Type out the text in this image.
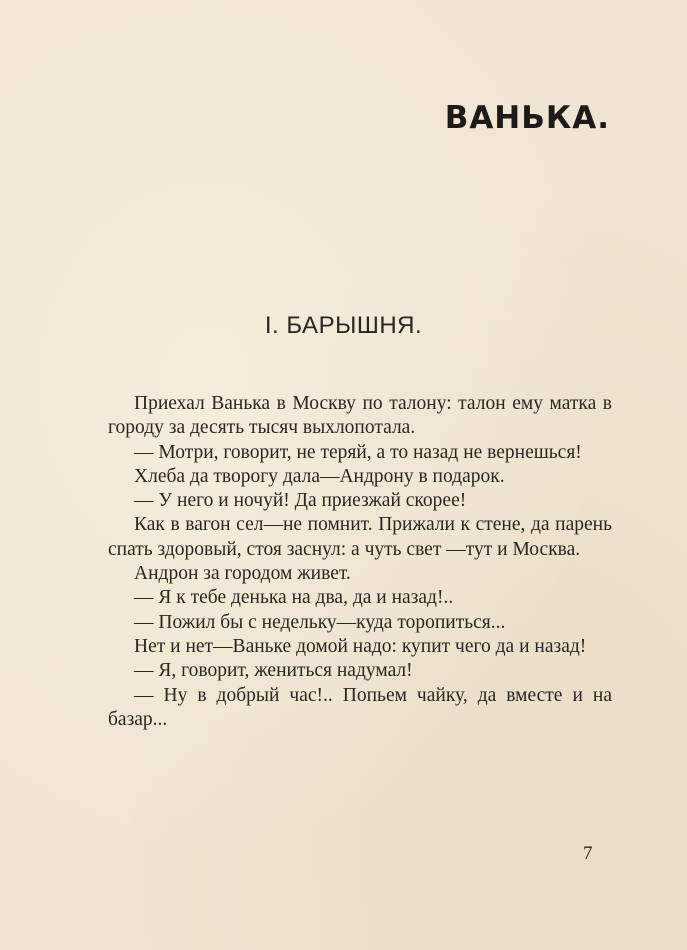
ВАНЬКА.
I. БАРЫШНЯ.

Приехал Ванька в Москву по талону: талон ему матка в городу за десять тысяч выхлопотала.

— Мотри, говорит, не теряй, а то назад не вернешься!

Хлеба да творогу дала—Андрону в подарок.

— У него и ночуй! Да приезжай скорее!

Как в вагон сел—не помнит. Прижали к стене, да парень спать здоровый, стоя заснул: а чуть свет —тут и Москва.

Андрон за городом живет.

— Я к тебе денька на два, да и назад!..

— Пожил бы с недельку—куда торопиться...

Нет и нет—Ваньке домой надо: купит чего да и назад!

— Я, говорит, жениться надумал!

— Ну в добрый час!.. Попьем чайку, да вместе и на базар...

7
